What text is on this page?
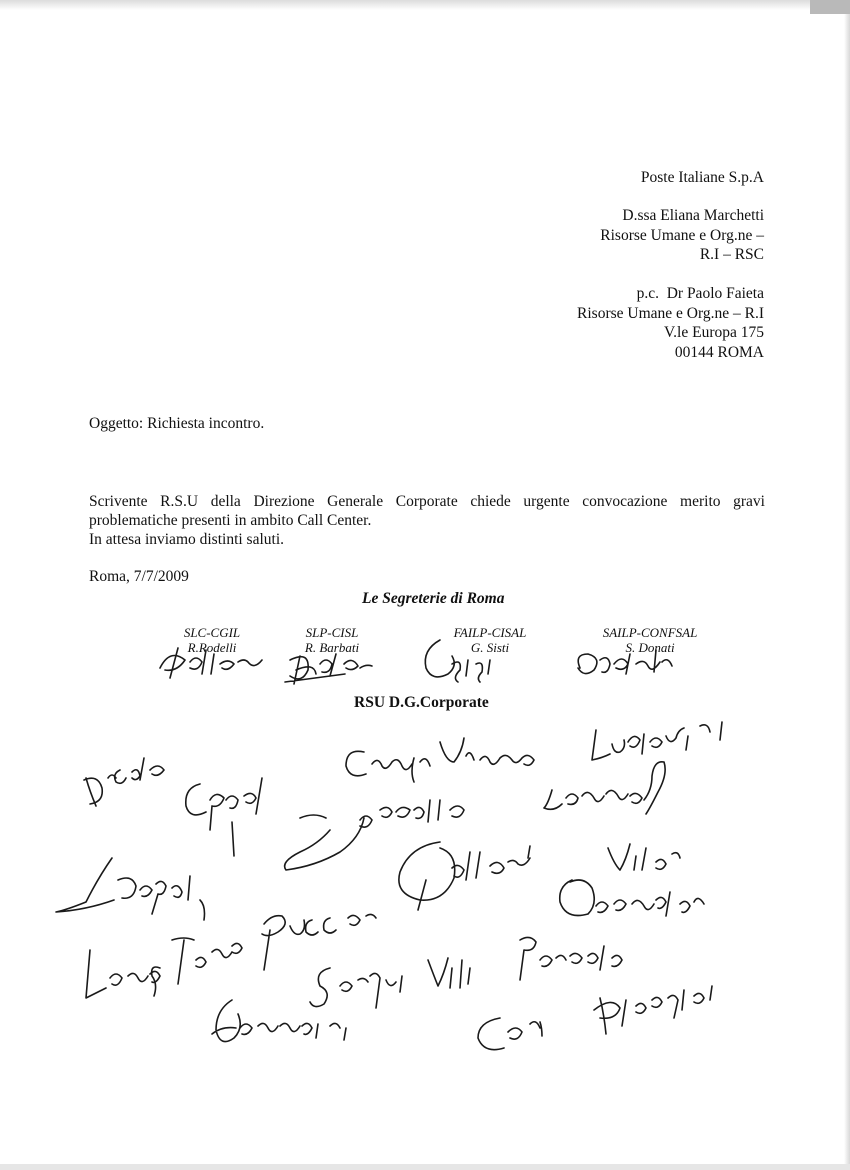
Poste Italiane S.p.A
D.ssa Eliana Marchetti
Risorse Umane e Org.ne –
R.I – RSC
p.c.  Dr Paolo Faieta
Risorse Umane e Org.ne – R.I
V.le Europa 175
00144 ROMA
Oggetto: Richiesta incontro.

Scrivente R.S.U della Direzione Generale Corporate chiede urgente convocazione merito gravi problematiche presenti in ambito Call Center.

In attesa inviamo distinti saluti.

Roma, 7/7/2009
Le Segreterie di Roma
SLC-CGIL
R.Rodelli
SLP-CISL
R. Barbati
FAILP-CISAL
G. Sisti
SAILP-CONFSAL
S. Donati
RSU D.G.Corporate
